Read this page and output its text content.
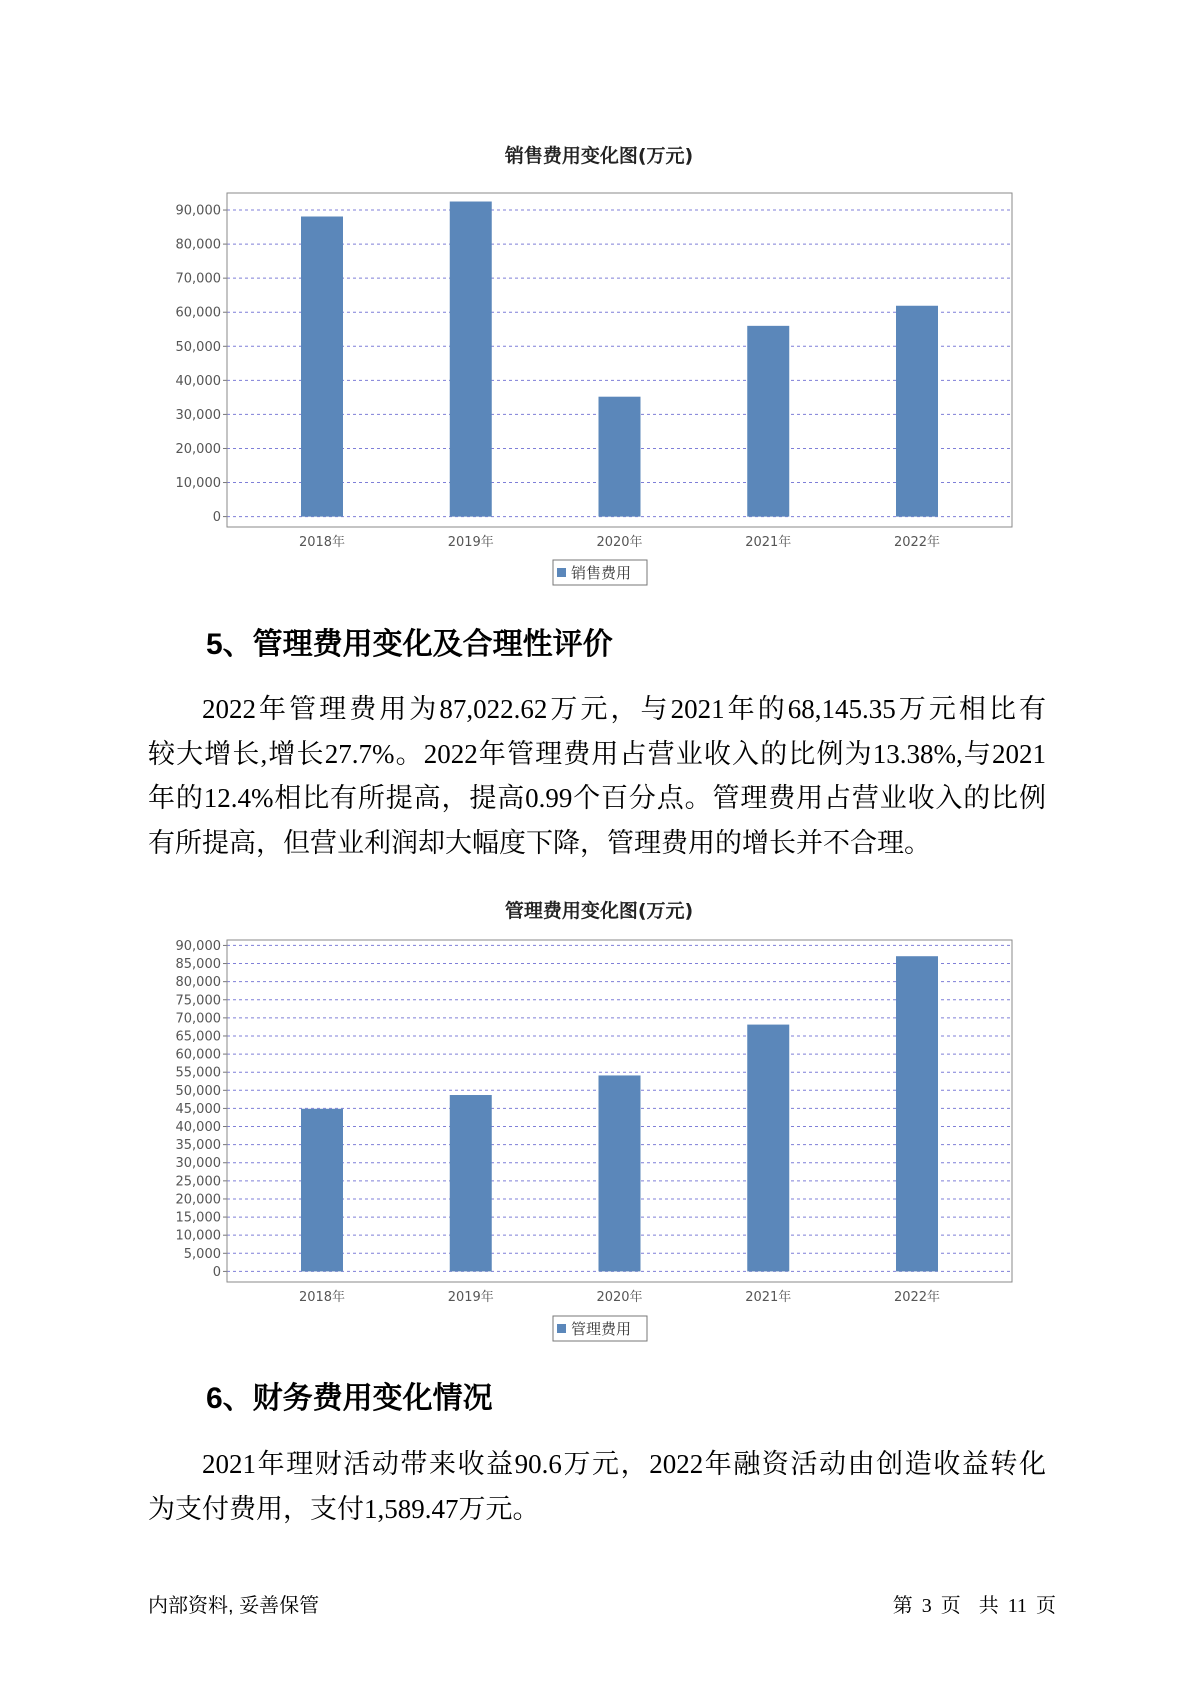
销售费用变化图(万元)
0
10,000
20,000
30,000
40,000
50,000
60,000
70,000
80,000
90,000
2018年	2019年	2020年	2021年	2022年
销售费用
5、管理费用变化及合理性评价
2022年管理费用为87,022.62万元，与2021年的68,145.35万元相比有
较大增长,增长27.7%。2022年管理费用占营业收入的比例为13.38%,与2021
年的12.4%相比有所提高，提高0.99个百分点。管理费用占营业收入的比例
有所提高，但营业利润却大幅度下降，管理费用的增长并不合理。
管理费用变化图(万元)
0
5,000
10,000
15,000
20,000
25,000
30,000
35,000
40,000
45,000
50,000
55,000
60,000
65,000
70,000
75,000
80,000
85,000
90,000
2018年	2019年	2020年	2021年	2022年
管理费用
6、财务费用变化情况
2021年理财活动带来收益90.6万元，2022年融资活动由创造收益转化
为支付费用，支付1,589.47万元。
内部资料, 妥善保管	第 3 页  共 11 页
